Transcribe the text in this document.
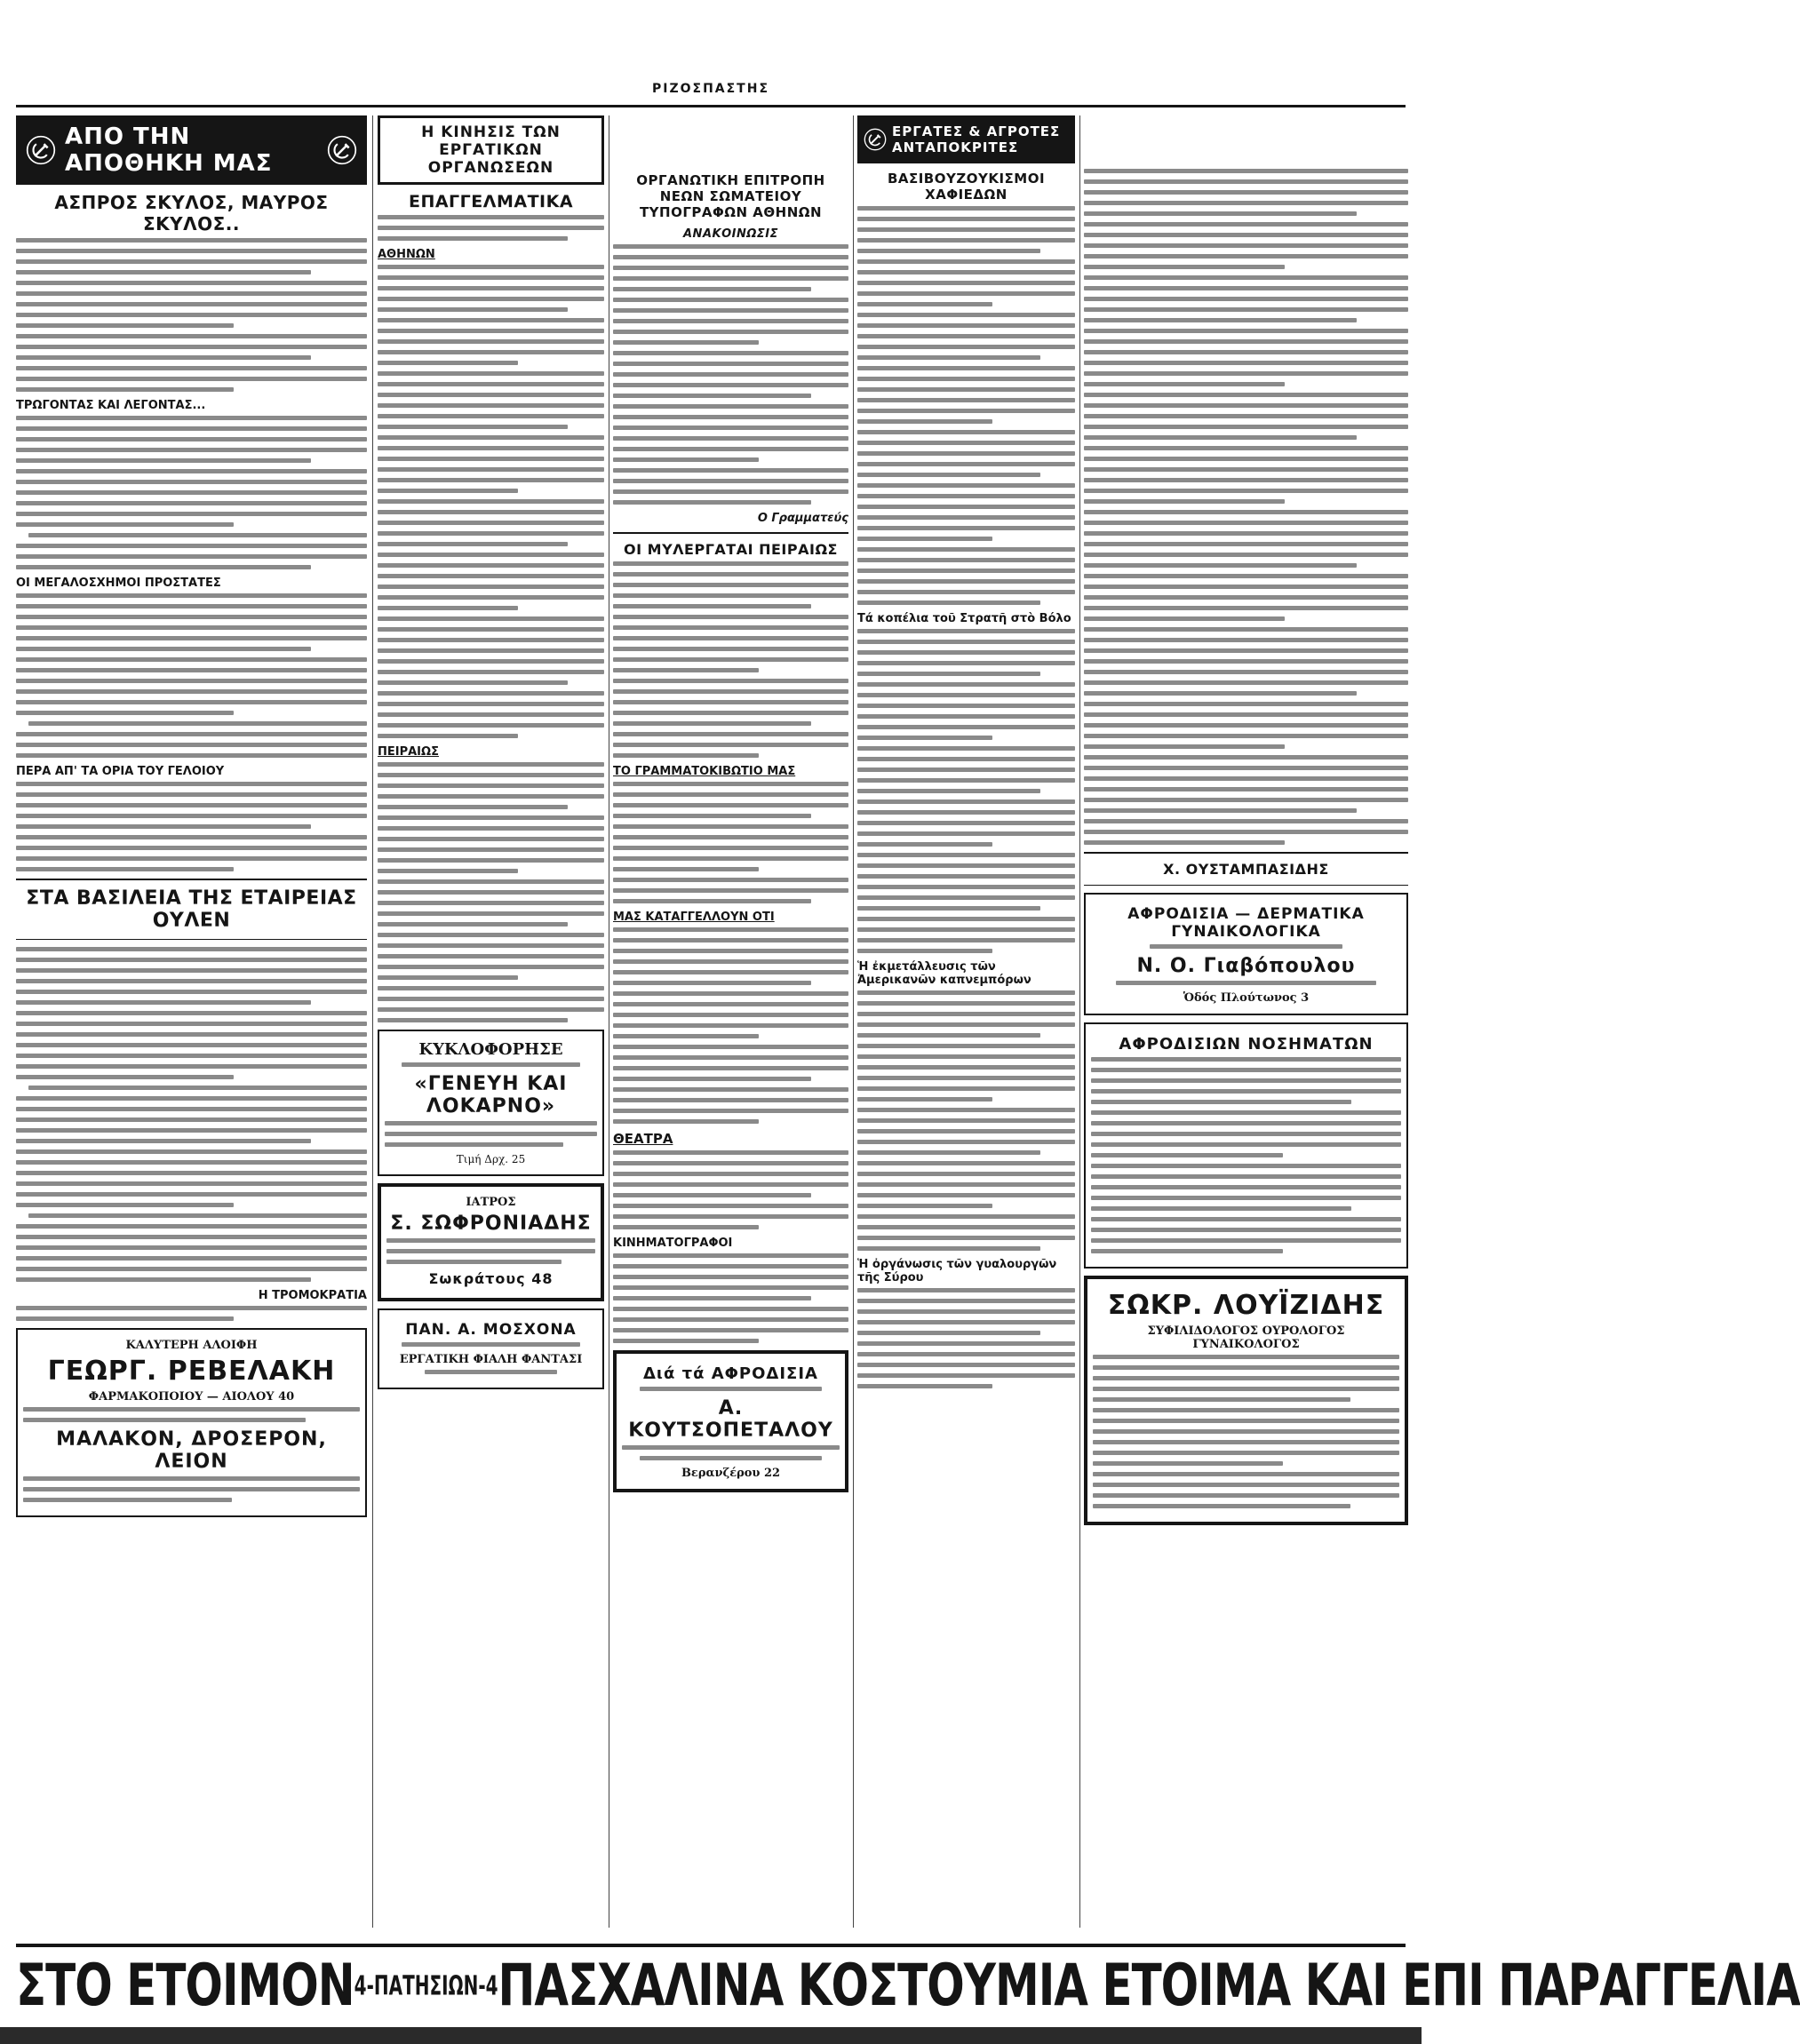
ΡΙΖΟΣΠΑΣΤΗΣ
ΑΠΟ ΤΗΝ ΑΠΟΘΗΚΗ ΜΑΣ
ΑΣΠΡΟΣ ΣΚΥΛΟΣ, ΜΑΥΡΟΣ ΣΚΥΛΟΣ..
ΤΡΩΓΟΝΤΑΣ ΚΑΙ ΛΕΓΟΝΤΑΣ...
ΟΙ ΜΕΓΑΛΟΣΧΗΜΟΙ ΠΡΟΣΤΑΤΕΣ
ΠΕΡΑ ΑΠ' ΤΑ ΟΡΙΑ ΤΟΥ ΓΕΛΟΙΟΥ
ΣΤΑ ΒΑΣΙΛΕΙΑ ΤΗΣ ΕΤΑΙΡΕΙΑΣ ΟΥΛΕΝ
Η ΤΡΟΜΟΚΡΑΤΙΑ
ΚΑΛΥΤΕΡΗ ΑΛΟΙΦΗ
ΓΕΩΡΓ. ΡΕΒΕΛΑΚΗ
ΦΑΡΜΑΚΟΠΟΙΟΥ — ΑΙΟΛΟΥ 40
ΜΑΛΑΚΟΝ, ΔΡΟΣΕΡΟΝ, ΛΕΙΟΝ
Η ΚΙΝΗΣΙΣ ΤΩΝ ΕΡΓΑΤΙΚΩΝ ΟΡΓΑΝΩΣΕΩΝ
ΕΠΑΓΓΕΛΜΑΤΙΚΑ
ΑΘΗΝΩΝ
ΠΕΙΡΑΙΩΣ
ΚΥΚΛΟΦΟΡΗΣΕ
«ΓΕΝΕΥΗ ΚΑΙ ΛΟΚΑΡΝΟ»
Τιμή Δρχ. 25
ΙΑΤΡΟΣ
Σ. ΣΩΦΡΟΝΙΑΔΗΣ
Σωκράτους 48
ΠΑΝ. Α. ΜΟΣΧΟΝΑ
ΕΡΓΑΤΙΚΗ ΦΙΑΛΗ ΦΑΝΤΑΣΙ
ΟΡΓΑΝΩΤΙΚΗ ΕΠΙΤΡΟΠΗ ΝΕΩΝ ΣΩΜΑΤΕΙΟΥ ΤΥΠΟΓΡΑΦΩΝ ΑΘΗΝΩΝ
ΑΝΑΚΟΙΝΩΣΙΣ
Ο Γραμματεύς
ΟΙ ΜΥΛΕΡΓΑΤΑΙ ΠΕΙΡΑΙΩΣ
ΤΟ ΓΡΑΜΜΑΤΟΚΙΒΩΤΙΟ ΜΑΣ
ΜΑΣ ΚΑΤΑΓΓΕΛΛΟΥΝ ΟΤΙ
ΘΕΑΤΡΑ
ΚΙΝΗΜΑΤΟΓΡΑΦΟΙ
Διά τά ΑΦΡΟΔΙΣΙΑ
Α. ΚΟΥΤΣΟΠΕΤΑΛΟΥ
Βερανζέρου 22
ΕΡΓΑΤΕΣ & ΑΓΡΟΤΕΣ ΑΝΤΑΠΟΚΡΙΤΕΣ
ΒΑΣΙΒΟΥΖΟΥΚΙΣΜΟΙ ΧΑΦΙΕΔΩΝ
Τά κοπέλια τοῦ Στρατῆ στὸ Βόλο
Ἡ ἐκμετάλλευσις τῶν Ἀμερικανῶν καπνεμπόρων
Ἡ ὀργάνωσις τῶν γυαλουργῶν τῆς Σύρου
Χ. ΟΥΣΤΑΜΠΑΣΙΔΗΣ
ΑΦΡΟΔΙΣΙΑ — ΔΕΡΜΑΤΙΚΑ ΓΥΝΑΙΚΟΛΟΓΙΚΑ
Ν. Ο. Γιαβόπουλου
Ὁδός Πλούτωνος 3
ΑΦΡΟΔΙΣΙΩΝ ΝΟΣΗΜΑΤΩΝ
ΣΩΚΡ. ΛΟΥΪΖΙΔΗΣ
ΣΥΦΙΛΙΔΟΛΟΓΟΣ ΟΥΡΟΛΟΓΟΣ ΓΥΝΑΙΚΟΛΟΓΟΣ
ΣΤΟ ΕΤΟΙΜΟΝ 4-ΠΑΤΗΣΙΩΝ-4 ΠΑΣΧΑΛΙΝΑ ΚΟΣΤΟΥΜΙΑ ΕΤΟΙΜΑ ΚΑΙ ΕΠΙ ΠΑΡΑΓΓΕΛΙΑ
